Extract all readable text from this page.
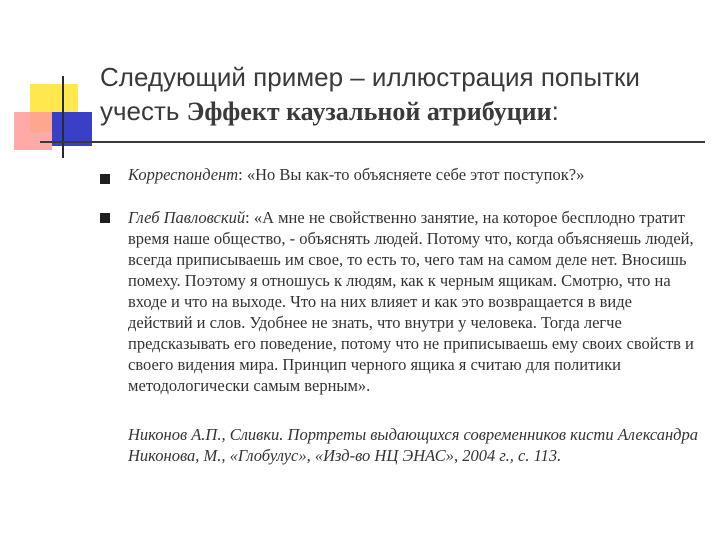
Следующий пример – иллюстрация попытки учесть Эффект каузальной атрибуции:
Корреспондент: «Но Вы как-то объясняете себе этот поступок?»
Глеб Павловский: «А мне не свойственно занятие, на которое бесплодно тратит время наше общество, - объяснять людей. Потому что, когда объясняешь людей, всегда приписываешь им свое, то есть то, чего там на самом деле нет. Вносишь помеху. Поэтому я отношусь к людям, как к черным ящикам. Смотрю, что на входе и что на выходе. Что на них влияет и как это возвращается в виде действий и слов. Удобнее не знать, что внутри у человека. Тогда легче предсказывать его поведение, потому что не приписываешь ему своих свойств и своего видения мира. Принцип черного ящика я считаю для политики методологически самым верным».
Никонов А.П., Сливки. Портреты выдающихся современников кисти Александра Никонова, М., «Глобулус», «Изд-во НЦ ЭНАС», 2004 г., с. 113.
